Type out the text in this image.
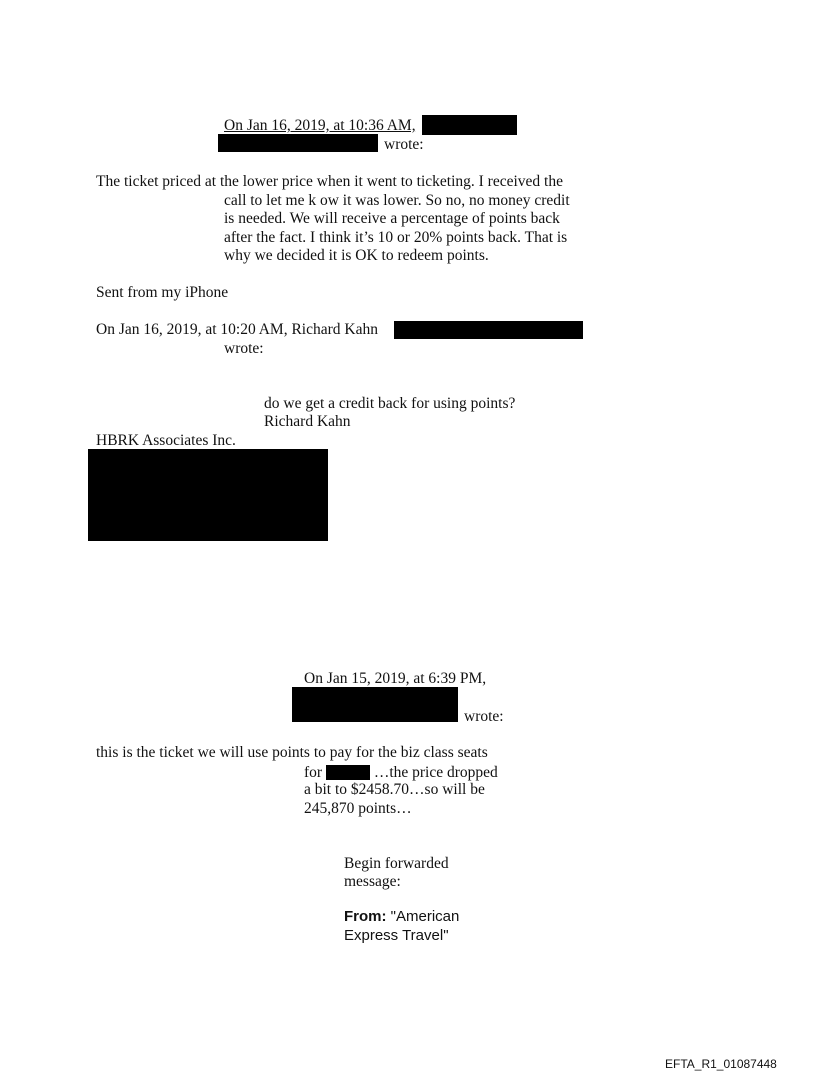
On Jan 16, 2019, at 10:36 AM,
wrote:
The ticket priced at the lower price when it went to ticketing. I received the
call to let me k ow it was lower. So no, no money credit
is needed. We will receive a percentage of points back
after the fact. I think it’s 10 or 20% points back. That is
why we decided it is OK to redeem points.
Sent from my iPhone
On Jan 16, 2019, at 10:20 AM, Richard Kahn
wrote:
do we get a credit back for using points?
Richard Kahn
HBRK Associates Inc.
On Jan 15, 2019, at 6:39 PM,
wrote:
this is the ticket we will use points to pay for the biz class seats
for	…the price dropped
a bit to $2458.70…so will be
245,870 points…
Begin forwarded
message:
From: "American
Express Travel"
EFTA_R1_01087448
